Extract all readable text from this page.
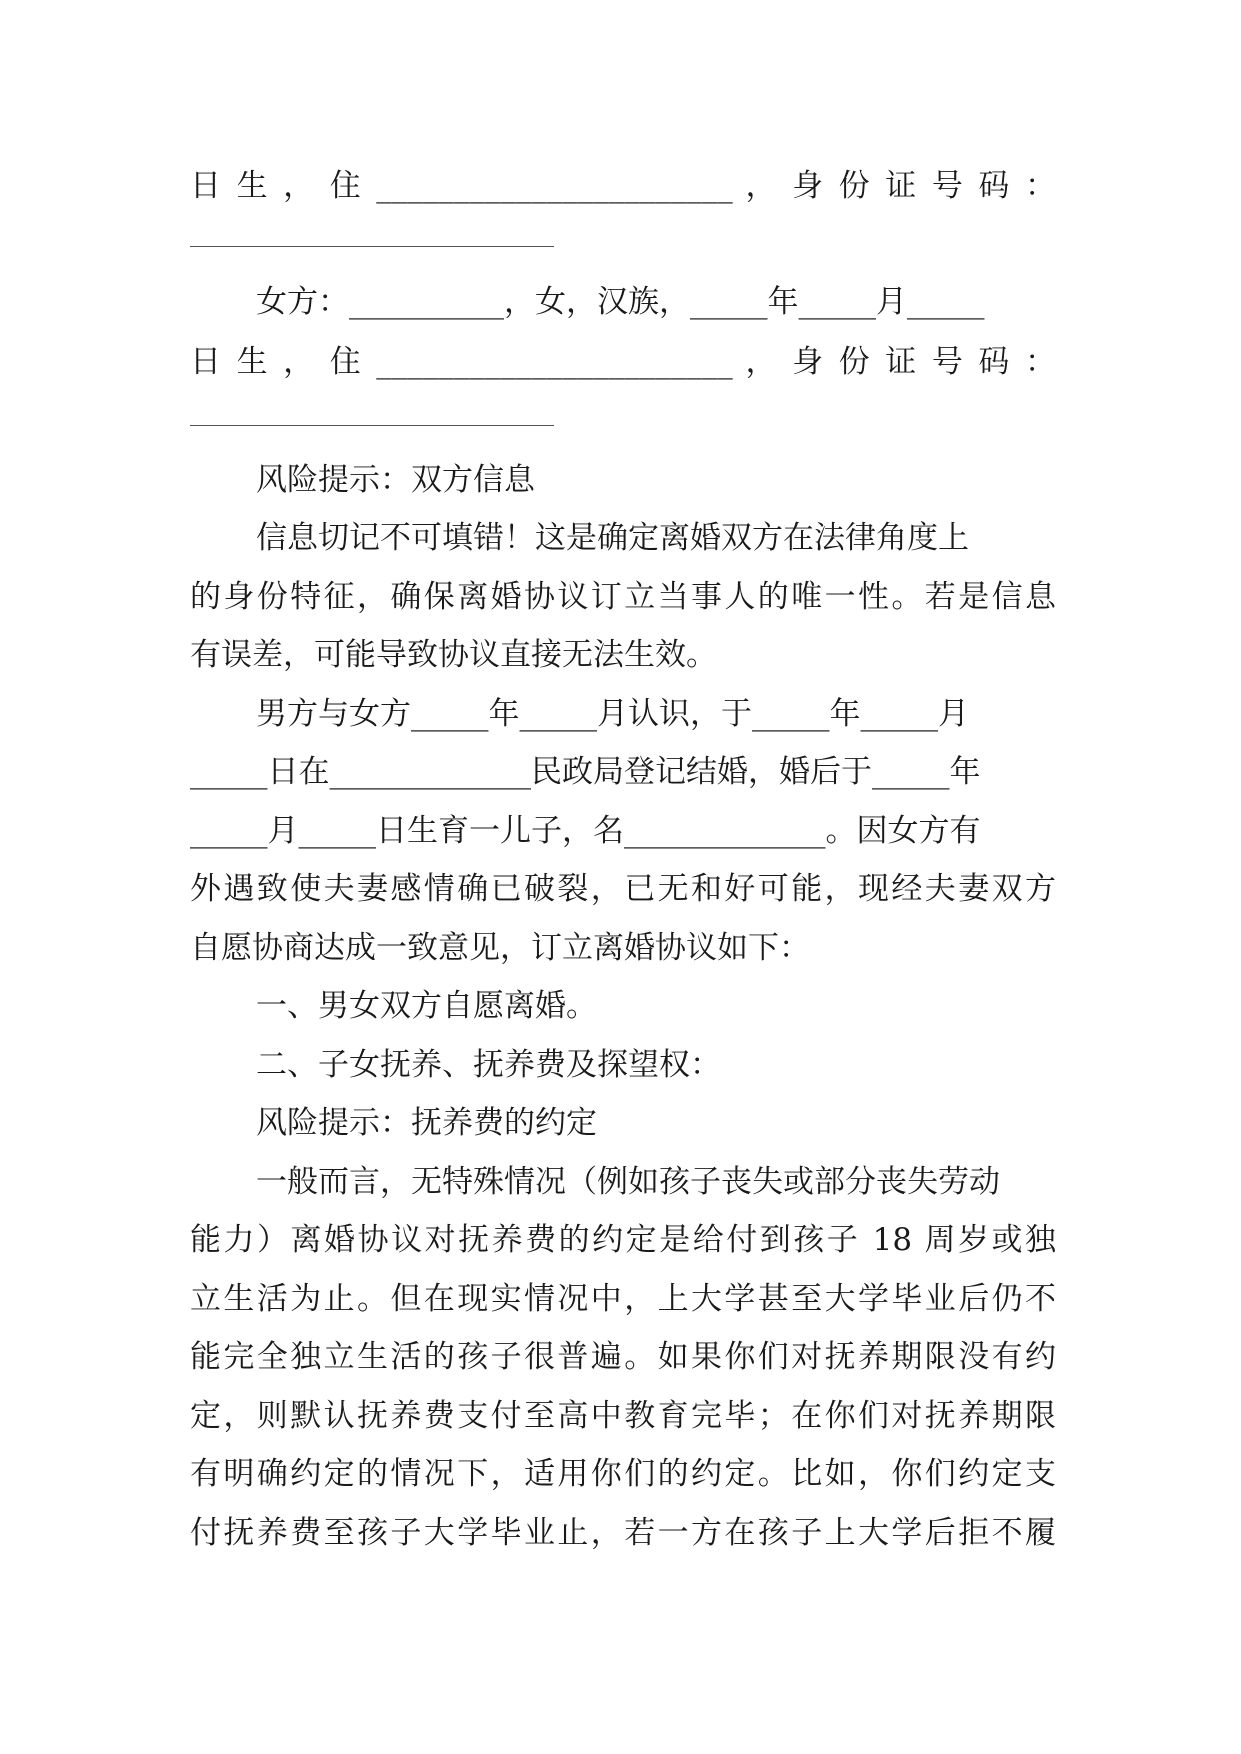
日 生 ， 住 _______________________ ， 身 份 证 号 码 ：
女方：__________，女，汉族，_____年_____月_____
日 生 ， 住 _______________________ ， 身 份 证 号 码 ：
风险提示：双方信息
信息切记不可填错！这是确定离婚双方在法律角度上
的身份特征，确保离婚协议订立当事人的唯一性。若是信息
有误差，可能导致协议直接无法生效。
男方与女方_____年_____月认识，于_____年_____月
_____日在_____________民政局登记结婚，婚后于_____年
_____月_____日生育一儿子，名_____________。因女方有
外遇致使夫妻感情确已破裂，已无和好可能，现经夫妻双方
自愿协商达成一致意见，订立离婚协议如下：
一、男女双方自愿离婚。
二、子女抚养、抚养费及探望权：
风险提示：抚养费的约定
一般而言，无特殊情况（例如孩子丧失或部分丧失劳动
能力）离婚协议对抚养费的约定是给付到孩子 18 周岁或独
立生活为止。但在现实情况中，上大学甚至大学毕业后仍不
能完全独立生活的孩子很普遍。如果你们对抚养期限没有约
定，则默认抚养费支付至高中教育完毕；在你们对抚养期限
有明确约定的情况下，适用你们的约定。比如，你们约定支
付抚养费至孩子大学毕业止，若一方在孩子上大学后拒不履
